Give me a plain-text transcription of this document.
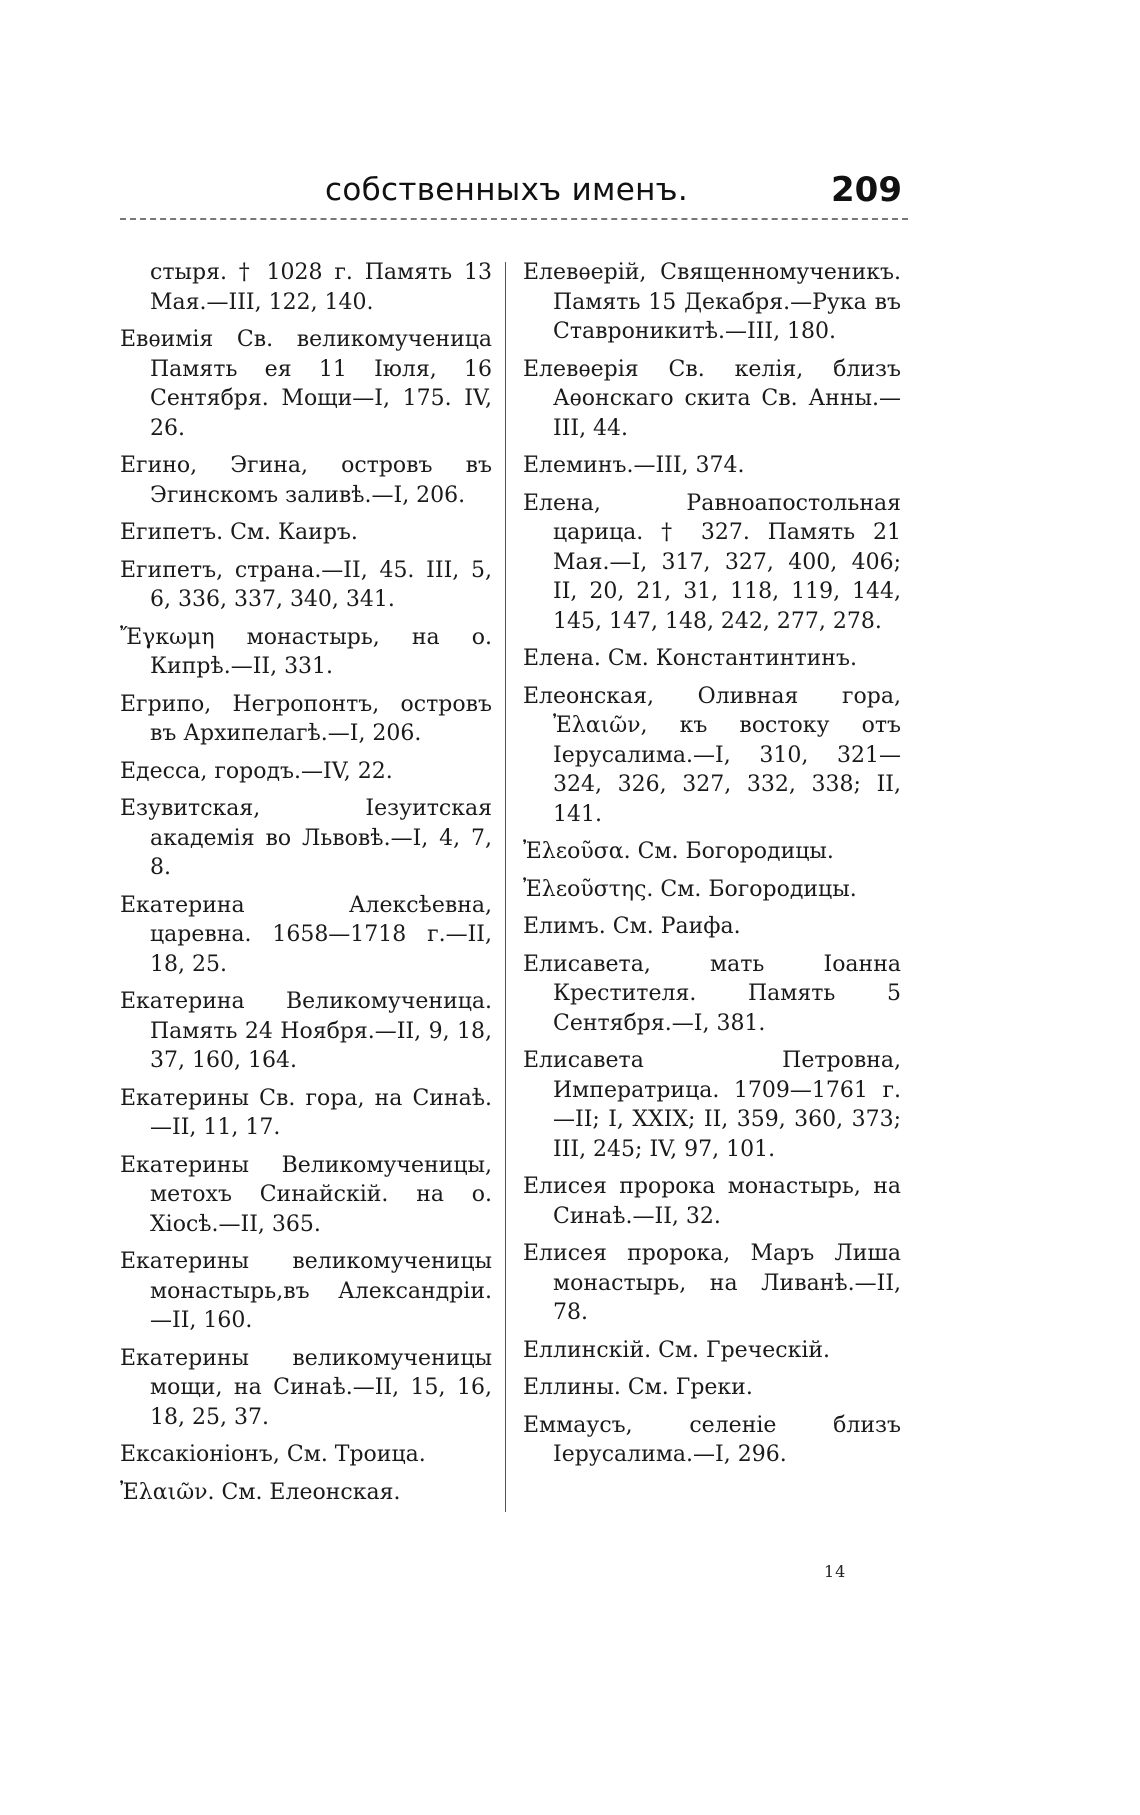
собственныхъ именъ.	209
стыря. † 1028 г. Память 13 Мая.—III, 122, 140.
Евѳимія Св. великомученица Память ея 11 Іюля, 16 Сентября. Мощи—I, 175. IV, 26.
Егино, Эгина, островъ въ Эгинскомъ заливѣ.—I, 206.
Египетъ. См. Каиръ.
Египетъ, страна.—II, 45. III, 5, 6, 336, 337, 340, 341.
Ἔγκωμη монастырь, на о. Кипрѣ.—II, 331.
Егрипо, Негропонтъ, островъ въ Архипелагѣ.—I, 206.
Едесса, городъ.—IV, 22.
Езувитская, Іезуитская академія во Львовѣ.—I, 4, 7, 8.
Екатерина Алексѣевна, царевна. 1658—1718 г.—II, 18, 25.
Екатерина Великомученица. Память 24 Ноября.—II, 9, 18, 37, 160, 164.
Екатерины Св. гора, на Синаѣ.—II, 11, 17.
Екатерины Великомученицы, метохъ Синайскій. на о. Хіосѣ.—II, 365.
Екатерины великомученицы монастырь,въ Александріи.—II, 160.
Екатерины великомученицы мощи, на Синаѣ.—II, 15, 16, 18, 25, 37.
Ексакіоніонъ, См. Троица.
Ἐλαιῶν. См. Елеонская.
Елевѳерій, Священномученикъ. Память 15 Декабря.—Рука въ Ставроникитѣ.—III, 180.
Елевѳерія Св. келія, близъ Аѳонскаго скита Св. Анны.—III, 44.
Елеминъ.—III, 374.
Елена, Равноапостольная царица. † 327. Память 21 Мая.—I, 317, 327, 400, 406; II, 20, 21, 31, 118, 119, 144, 145, 147, 148, 242, 277, 278.
Елена. См. Константинтинъ.
Елеонская, Оливная гора, Ἐλαιῶν, къ востоку отъ Іерусалима.—I, 310, 321—324, 326, 327, 332, 338; II, 141.
Ἐλεοῦσα. См. Богородицы.
Ἐλεοῦστης. См. Богородицы.
Елимъ. См. Раифа.
Елисавета, мать Іоанна Крестителя. Память 5 Сентября.—I, 381.
Елисавета Петровна, Императрица. 1709—1761 г.—II; I, XXIX; II, 359, 360, 373; III, 245; IV, 97, 101.
Елисея пророка монастырь, на Синаѣ.—II, 32.
Елисея пророка, Маръ Лиша монастырь, на Ливанѣ.—II, 78.
Еллинскій. См. Греческій.
Еллины. См. Греки.
Еммаусъ, селеніе близъ Іерусалима.—I, 296.
14
